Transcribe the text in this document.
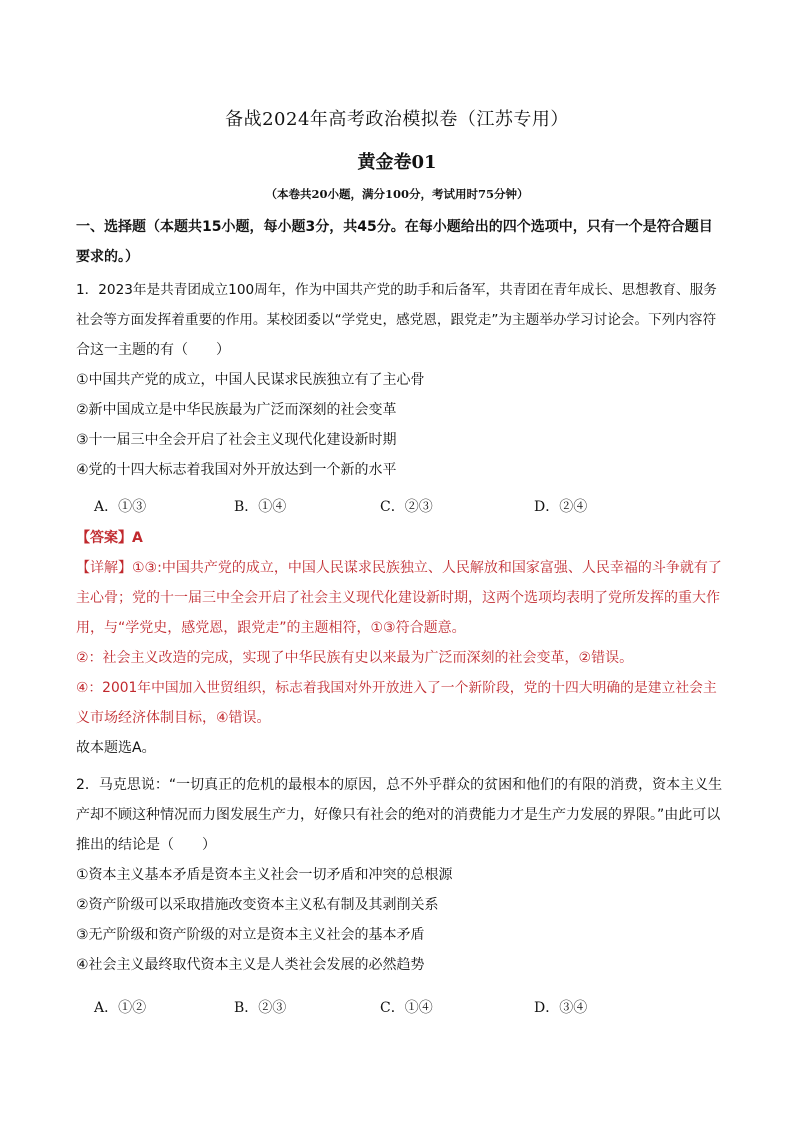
备战2024年高考政治模拟卷（江苏专用）
黄金卷01
（本卷共20小题，满分100分，考试用时75分钟）
一、选择题（本题共15小题，每小题3分，共45分。在每小题给出的四个选项中，只有一个是符合题目
要求的。）
1．2023年是共青团成立100周年，作为中国共产党的助手和后备军，共青团在青年成长、思想教育、服务
社会等方面发挥着重要的作用。某校团委以“学党史，感党恩，跟党走”为主题举办学习讨论会。下列内容符
合这一主题的有（　　）
①中国共产党的成立，中国人民谋求民族独立有了主心骨
②新中国成立是中华民族最为广泛而深刻的社会变革
③十一届三中全会开启了社会主义现代化建设新时期
④党的十四大标志着我国对外开放达到一个新的水平
A．①③	B．①④	C．②③	D．②④
【答案】A
【详解】①③:中国共产党的成立，中国人民谋求民族独立、人民解放和国家富强、人民幸福的斗争就有了
主心骨；党的十一届三中全会开启了社会主义现代化建设新时期，这两个选项均表明了党所发挥的重大作
用，与“学党史，感党恩，跟党走”的主题相符，①③符合题意。
②：社会主义改造的完成，实现了中华民族有史以来最为广泛而深刻的社会变革，②错误。
④：2001年中国加入世贸组织，标志着我国对外开放进入了一个新阶段，党的十四大明确的是建立社会主
义市场经济体制目标，④错误。
故本题选A。
2．马克思说：“一切真正的危机的最根本的原因，总不外乎群众的贫困和他们的有限的消费，资本主义生
产却不顾这种情况而力图发展生产力，好像只有社会的绝对的消费能力才是生产力发展的界限。”由此可以
推出的结论是（　　）
①资本主义基本矛盾是资本主义社会一切矛盾和冲突的总根源
②资产阶级可以采取措施改变资本主义私有制及其剥削关系
③无产阶级和资产阶级的对立是资本主义社会的基本矛盾
④社会主义最终取代资本主义是人类社会发展的必然趋势
A．①②	B．②③	C．①④	D．③④
